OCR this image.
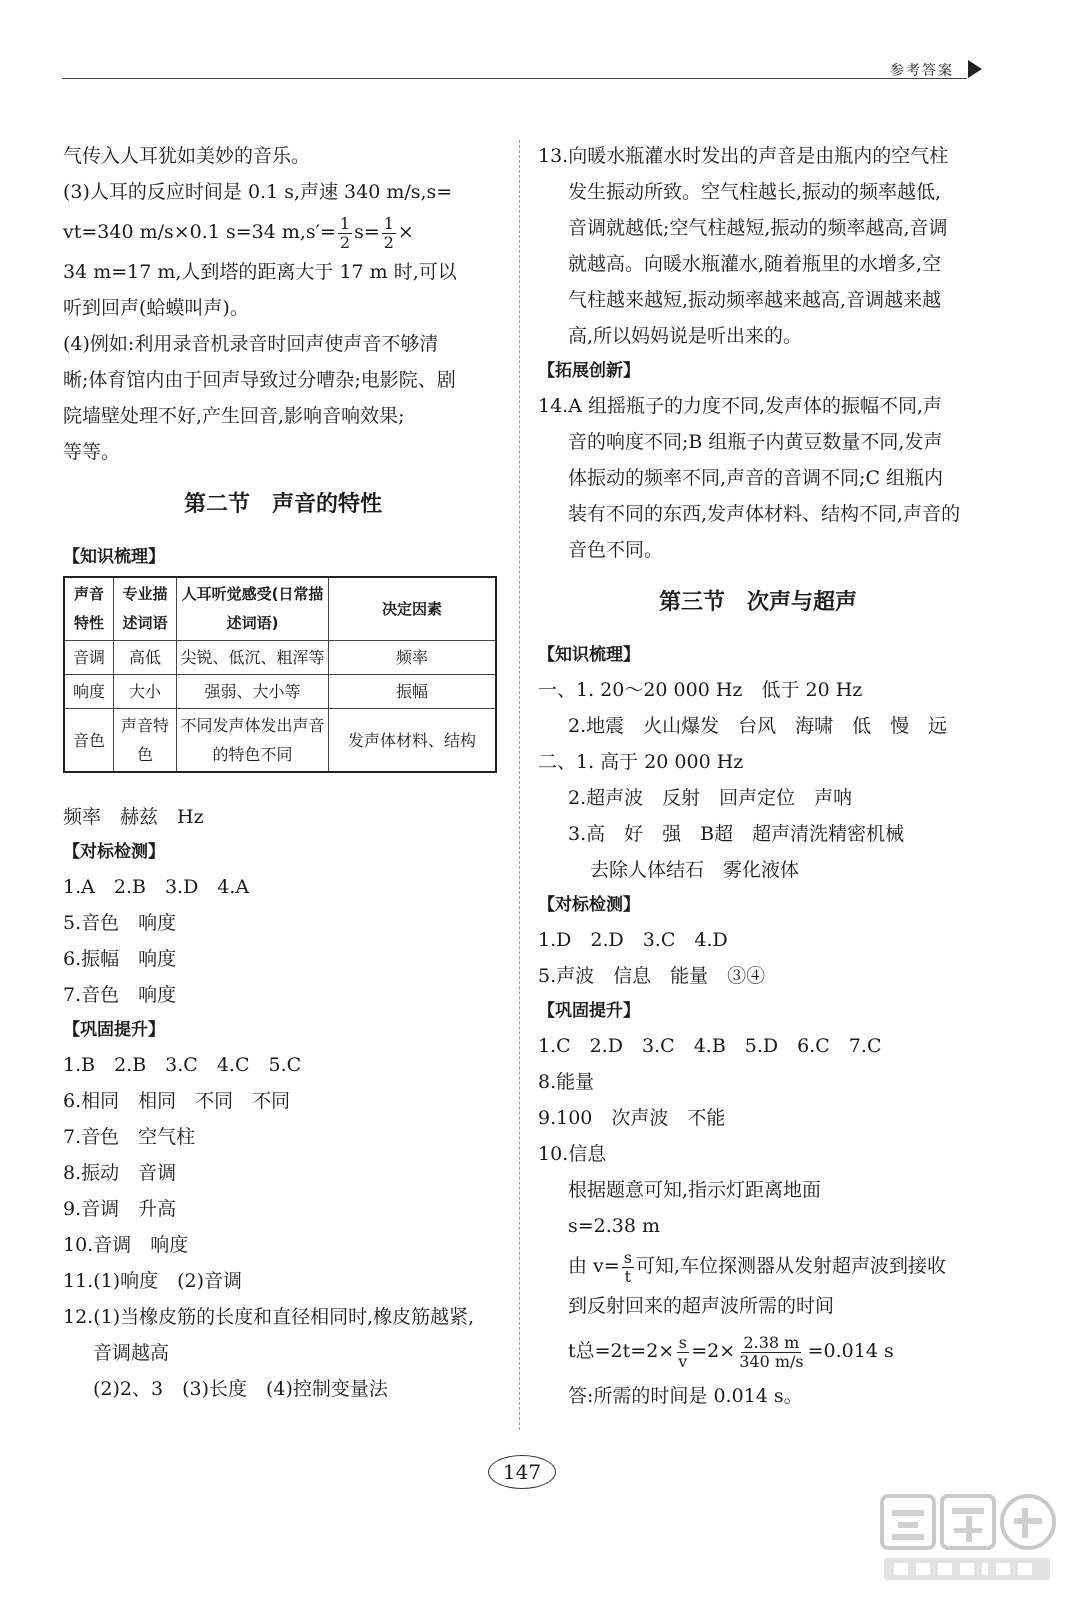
参考答案
气传入人耳犹如美妙的音乐。
(3)人耳的反应时间是 0.1 s,声速 340 m/s,s=
vt=340 m/s×0.1 s=34 $m,s'= \frac{1}{2} s= \frac{1}{2}$ ×
34 m=17 m,人到塔的距离大于 17 m 时,可以
听到回声(蛤蟆叫声)。
(4)例如:利用录音机录音时回声使声音不够清
晰;体育馆内由于回声导致过分嘈杂;电影院、剧
院墙壁处理不好,产生回音,影响音响效果;
等等。
第二节　声音的特性
【知识梳理】
声音特性	专业描述词语	人耳听觉感受(日常描述词语)	决定因素
音调	高低	尖锐、低沉、粗浑等	频率
响度	大小	强弱、大小等	振幅
音色	声音特色	不同发声体发出声音的特色不同	发声体材料、结构
频率　赫兹　Hz
【对标检测】
1.A　2.B　3.D　4.A
5.音色　响度
6.振幅　响度
7.音色　响度
【巩固提升】
1.B　2.B　3.C　4.C　5.C
6.相同　相同　不同　不同
7.音色　空气柱
8.振动　音调
9.音调　升高
10.音调　响度
11.(1)响度　(2)音调
12.(1)当橡皮筋的长度和直径相同时,橡皮筋越紧,
音调越高
(2)2、3　(3)长度　(4)控制变量法
13.向暖水瓶灌水时发出的声音是由瓶内的空气柱
发生振动所致。空气柱越长,振动的频率越低,
音调就越低;空气柱越短,振动的频率越高,音调
就越高。向暖水瓶灌水,随着瓶里的水增多,空
气柱越来越短,振动频率越来越高,音调越来越
高,所以妈妈说是听出来的。
【拓展创新】
14.A 组摇瓶子的力度不同,发声体的振幅不同,声
音的响度不同;B 组瓶子内黄豆数量不同,发声
体振动的频率不同,声音的音调不同;C 组瓶内
装有不同的东西,发声体材料、结构不同,声音的
音色不同。
第三节　次声与超声
【知识梳理】
一、1. 20～20 000 Hz　低于 20 Hz
2.地震　火山爆发　台风　海啸　低　慢　远
二、1. 高于 20 000 Hz
2.超声波　反射　回声定位　声呐
3.高　好　强　B超　超声清洗精密机械
去除人体结石　雾化液体
【对标检测】
1.D　2.D　3.C　4.D
5.声波　信息　能量　③④
【巩固提升】
1.C　2.D　3.C　4.B　5.D　6.C　7.C
8.能量
9.100　次声波　不能
10.信息
根据题意可知,指示灯距离地面
s=2.38 m
由 $v= \frac{s}{t}$ 可知,车位探测器从发射超声波到接收
到反射回来的超声波所需的时间
t总$=2t=2\times \frac{s}{v} =2\times \frac{2.38 m}{340 m/s} =0.014$ s
答:所需的时间是 0.014 s。
147
